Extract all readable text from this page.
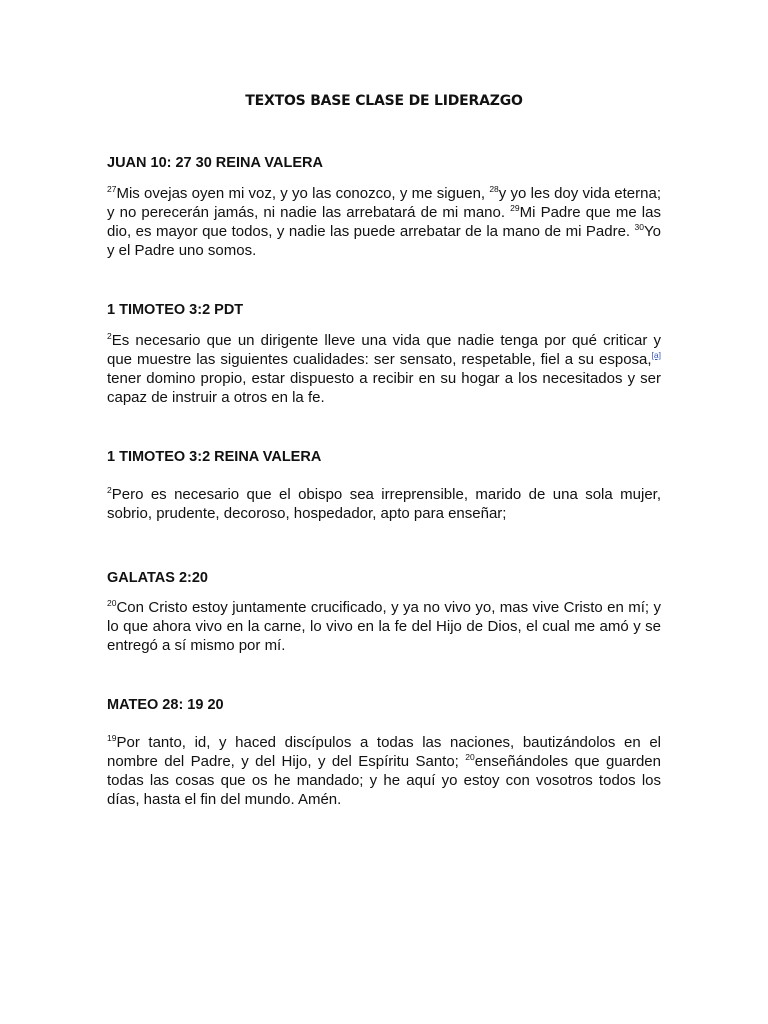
TEXTOS BASE CLASE DE LIDERAZGO
JUAN 10: 27 30 REINA VALERA
$^{27}$Mis ovejas oyen mi voz, y yo las conozco, y me siguen, $^{28}$y yo les doy vida eterna; y no perecerán jamás, ni nadie las arrebatará de mi mano. $^{29}$Mi Padre que me las dio, es mayor que todos, y nadie las puede arrebatar de la mano de mi Padre. $^{30}$Yo y el Padre uno somos.
1 TIMOTEO 3:2 PDT
$^2$Es necesario que un dirigente lleve una vida que nadie tenga por qué criticar y que muestre las siguientes cualidades: ser sensato, respetable, fiel a su esposa,[a] tener domino propio, estar dispuesto a recibir en su hogar a los necesitados y ser capaz de instruir a otros en la fe.
1 TIMOTEO 3:2 REINA VALERA
$^2$Pero es necesario que el obispo sea irreprensible, marido de una sola mujer, sobrio, prudente, decoroso, hospedador, apto para enseñar;
GALATAS 2:20
$^{20}$Con Cristo estoy juntamente crucificado, y ya no vivo yo, mas vive Cristo en mí; y lo que ahora vivo en la carne, lo vivo en la fe del Hijo de Dios, el cual me amó y se entregó a sí mismo por mí.
MATEO 28: 19 20
$^{19}$Por tanto, id, y haced discípulos a todas las naciones, bautizándolos en el nombre del Padre, y del Hijo, y del Espíritu Santo; $^{20}$enseñándoles que guarden todas las cosas que os he mandado; y he aquí yo estoy con vosotros todos los días, hasta el fin del mundo. Amén.
